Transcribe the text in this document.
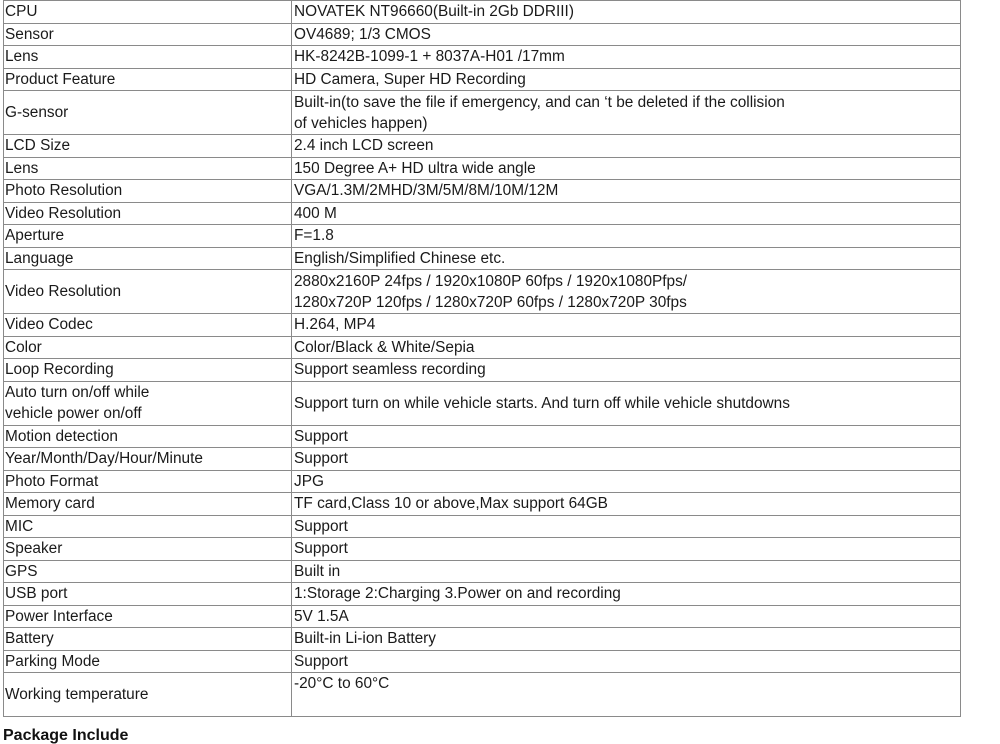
CPU	NOVATEK NT96660(Built-in 2Gb DDRIII)
Sensor	OV4689; 1/3 CMOS
Lens	HK-8242B-1099-1 + 8037A-H01 /17mm
Product Feature	HD Camera, Super HD Recording
G-sensor	Built-in(to save the file if emergency, and can ‘t be deleted if the collision
of vehicles happen)
LCD Size	2.4 inch LCD screen
Lens	150 Degree A+ HD ultra wide angle
Photo Resolution	VGA/1.3M/2MHD/3M/5M/8M/10M/12M
Video Resolution	400 M
Aperture	F=1.8
Language	English/Simplified Chinese etc.
Video Resolution	2880x2160P 24fps / 1920x1080P 60fps / 1920x1080Pfps/
1280x720P 120fps / 1280x720P 60fps / 1280x720P 30fps
Video Codec	H.264, MP4
Color	Color/Black & White/Sepia
Loop Recording	Support seamless recording
Auto turn on/off while
vehicle power on/off	Support turn on while vehicle starts. And turn off while vehicle shutdowns
Motion detection	Support
Year/Month/Day/Hour/Minute	Support
Photo Format	JPG
Memory card	TF card,Class 10 or above,Max support 64GB
MIC	Support
Speaker	Support
GPS	Built in
USB port	1:Storage 2:Charging 3.Power on and recording
Power Interface	5V 1.5A
Battery	Built-in Li-ion Battery
Parking Mode	Support
Working temperature	-20°C to 60°C
Package Include
